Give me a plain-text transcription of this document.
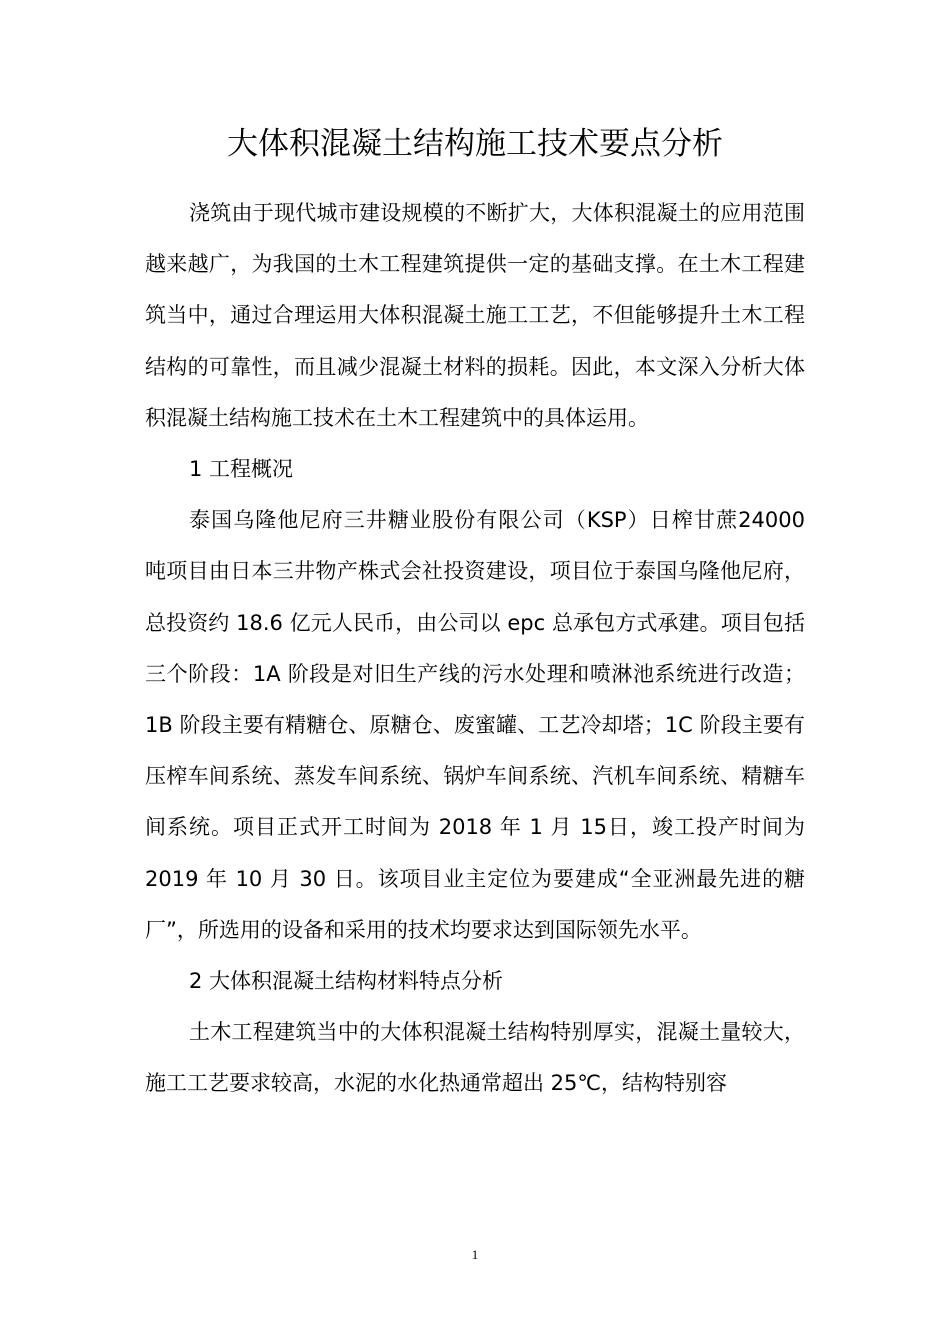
大体积混凝土结构施工技术要点分析

浇筑由于现代城市建设规模的不断扩大，大体积混凝土的应用范围越来越广，为我国的土木工程建筑提供一定的基础支撑。在土木工程建筑当中，通过合理运用大体积混凝土施工工艺，不但能够提升土木工程结构的可靠性，而且减少混凝土材料的损耗。因此，本文深入分析大体积混凝土结构施工技术在土木工程建筑中的具体运用。

1 工程概况

泰国乌隆他尼府三井糖业股份有限公司（KSP）日榨甘蔗24000 吨项目由日本三井物产株式会社投资建设，项目位于泰国乌隆他尼府，总投资约 18.6 亿元人民币，由公司以 epc 总承包方式承建。项目包括三个阶段：1A 阶段是对旧生产线的污水处理和喷淋池系统进行改造；1B 阶段主要有精糖仓、原糖仓、废蜜罐、工艺冷却塔；1C 阶段主要有压榨车间系统、蒸发车间系统、锅炉车间系统、汽机车间系统、精糖车间系统。项目正式开工时间为 2018 年 1 月 15日，竣工投产时间为 2019 年 10 月 30 日。该项目业主定位为要建成“全亚洲最先进的糖厂”，所选用的设备和采用的技术均要求达到国际领先水平。

2 大体积混凝土结构材料特点分析

土木工程建筑当中的大体积混凝土结构特别厚实，混凝土量较大，施工工艺要求较高，水泥的水化热通常超出 25℃，结构特别容

1
